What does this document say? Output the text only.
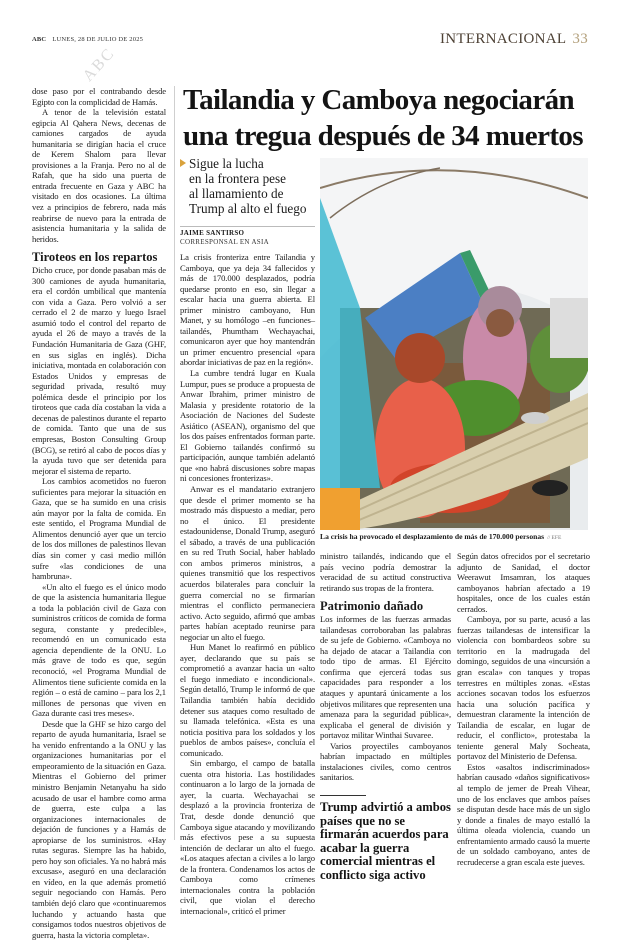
ABC LUNES, 28 DE JULIO DE 2025	INTERNACIONAL 33
ABC

dose paso por el contrabando desde Egipto con la complicidad de Hamás.

A tenor de la televisión estatal egipcia Al Qahera News, decenas de camiones cargados de ayuda humanitaria se dirigían hacia el cruce de Kerem Shalom para llevar provisiones a la Franja. Pero no al de Rafah, que ha sido una puerta de entrada frecuente en Gaza y ABC ha visitado en dos ocasiones. La última vez a principios de febrero, nada más reabrirse de nuevo para la entrada de asistencia humanitaria y la salida de heridos.

Tiroteos en los repartos

Dicho cruce, por donde pasaban más de 300 camiones de ayuda humanitaria, era el cordón umbilical que mantenía con vida a Gaza. Pero volvió a ser cerrado el 2 de marzo y luego Israel asumió todo el control del reparto de ayuda el 26 de mayo a través de la Fundación Humanitaria de Gaza (GHF, en sus siglas en inglés). Dicha iniciativa, montada en colaboración con Estados Unidos y empresas de seguridad privada, resultó muy polémica desde el principio por los tiroteos que cada día costaban la vida a decenas de palestinos durante el reparto de comida. Tanto que una de sus empresas, Boston Consulting Group (BCG), se retiró al cabo de pocos días y la ayuda tuvo que ser detenida para mejorar el sistema de reparto.

Los cambios acometidos no fueron suficientes para mejorar la situación en Gaza, que se ha sumido en una crisis aún mayor por la falta de comida. En este sentido, el Programa Mundial de Alimentos denunció ayer que un tercio de los dos millones de palestinos llevan días sin comer y casi medio millón sufre «las condiciones de una hambruna».

«Un alto el fuego es el único modo de que la asistencia humanitaria llegue a toda la población civil de Gaza con suministros críticos de comida de forma segura, constante y predecible», recomendó en un comunicado esta agencia dependiente de la ONU. Lo más grave de todo es que, según reconoció, «el Programa Mundial de Alimentos tiene suficiente comida en la región – o está de camino – para los 2,1 millones de personas que viven en Gaza durante casi tres meses».

Desde que la GHF se hizo cargo del reparto de ayuda humanitaria, Israel se ha venido enfrentando a la ONU y las organizaciones humanitarias por el empeoramiento de la situación en Gaza. Mientras el Gobierno del primer ministro Benjamin Netanyahu ha sido acusado de usar el hambre como arma de guerra, este culpa a las organizaciones internacionales de dejación de funciones y a Hamás de apropiarse de los suministros. «Hay rutas seguras. Siempre las ha habido, pero hoy son oficiales. Ya no habrá más excusas», aseguró en una declaración en vídeo, en la que además prometió seguir negociando con Hamás. Pero también dejó claro que «continuaremos luchando y actuando hasta que consigamos todos nuestros objetivos de guerra, hasta la victoria completa».

Tailandia y Camboya negociarán
una tregua después de 34 muertos
Sigue la lucha
en la frontera pese
al llamamiento de
Trump al alto el fuego
JAIME SANTIRSO
CORRESPONSAL EN ASIA

La crisis fronteriza entre Tailandia y Camboya, que ya deja 34 fallecidos y más de 170.000 desplazados, podría quedarse pronto en eso, sin llegar a escalar hacia una guerra abierta. El primer ministro camboyano, Hun Manet, y su homólogo –en funciones– tailandés, Phumtham Wechayachai, comunicaron ayer que hoy mantendrán un primer encuentro presencial «para abordar iniciativas de paz en la región».

La cumbre tendrá lugar en Kuala Lumpur, pues se produce a propuesta de Anwar Ibrahim, primer ministro de Malasia y presidente rotatorio de la Asociación de Naciones del Sudeste Asiático (ASEAN), organismo del que los dos países enfrentados forman parte. El Gobierno tailandés confirmó su participación, aunque también adelantó que «no habrá discusiones sobre mapas ni concesiones fronterizas».

Anwar es el mandatario extranjero que desde el primer momento se ha mostrado más dispuesto a mediar, pero no el único. El presidente estadounidense, Donald Trump, aseguró el sábado, a través de una publicación en su red Truth Social, haber hablado con ambos primeros ministros, a quienes transmitió que los respectivos acuerdos bilaterales para concluir la guerra comercial no se firmarían mientras el conflicto permaneciera activo. Acto seguido, afirmó que ambas partes habían aceptado reunirse para negociar un alto el fuego.

Hun Manet lo reafirmó en público ayer, declarando que su país se comprometió a avanzar hacia un «alto el fuego inmediato e incondicional». Según detalló, Trump le informó de que Tailandia también había decidido detener sus ataques como resultado de su llamada telefónica. «Esta es una noticia positiva para los soldados y los pueblos de ambos países», concluía el comunicado.

Sin embargo, el campo de batalla cuenta otra historia. Las hostilidades continuaron a lo largo de la jornada de ayer, la cuarta. Wechayachai se desplazó a la provincia fronteriza de Trat, desde donde denunció que Camboya sigue atacando y movilizando más efectivos pese a su supuesta intención de declarar un alto el fuego. «Los ataques afectan a civiles a lo largo de la frontera. Condenamos los actos de Camboya como crímenes internacionales contra la población civil, que violan el derecho internacional», criticó el primer

La crisis ha provocado el desplazamiento de más de 170.000 personas // EFE

ministro tailandés, indicando que el país vecino podría demostrar la veracidad de su actitud constructiva retirando sus tropas de la frontera.

Patrimonio dañado

Los informes de las fuerzas armadas tailandesas corroboraban las palabras de su jefe de Gobierno. «Camboya no ha dejado de atacar a Tailandia con todo tipo de armas. El Ejército confirma que ejercerá todas sus capacidades para responder a los ataques y apuntará únicamente a los objetivos militares que representen una amenaza para la seguridad pública», explicaba el general de división y portavoz militar Winthai Suvaree.

Varios proyectiles camboyanos habrían impactado en múltiples instalaciones civiles, como centros sanitarios.

Trump advirtió a ambos países que no se firmarán acuerdos para acabar la guerra comercial mientras el conflicto siga activo

Según datos ofrecidos por el secretario adjunto de Sanidad, el doctor Weerawut Imsamran, los ataques camboyanos habrían afectado a 19 hospitales, once de los cuales están cerrados.

Camboya, por su parte, acusó a las fuerzas tailandesas de intensificar la violencia con bombardeos sobre su territorio en la madrugada del domingo, seguidos de una «incursión a gran escala» con tanques y tropas terrestres en múltiples zonas. «Estas acciones socavan todos los esfuerzos hacia una solución pacífica y demuestran claramente la intención de Tailandia de escalar, en lugar de reducir, el conflicto», protestaba la teniente general Maly Socheata, portavoz del Ministerio de Defensa.

Estos «asaltos indiscriminados» habrían causado «daños significativos» al templo de jemer de Preah Vihear, uno de los enclaves que ambos países se disputan desde hace más de un siglo y donde a finales de mayo estalló la última oleada violencia, cuando un enfrentamiento armado causó la muerte de un soldado camboyano, antes de recrudecerse a gran escala este jueves.
